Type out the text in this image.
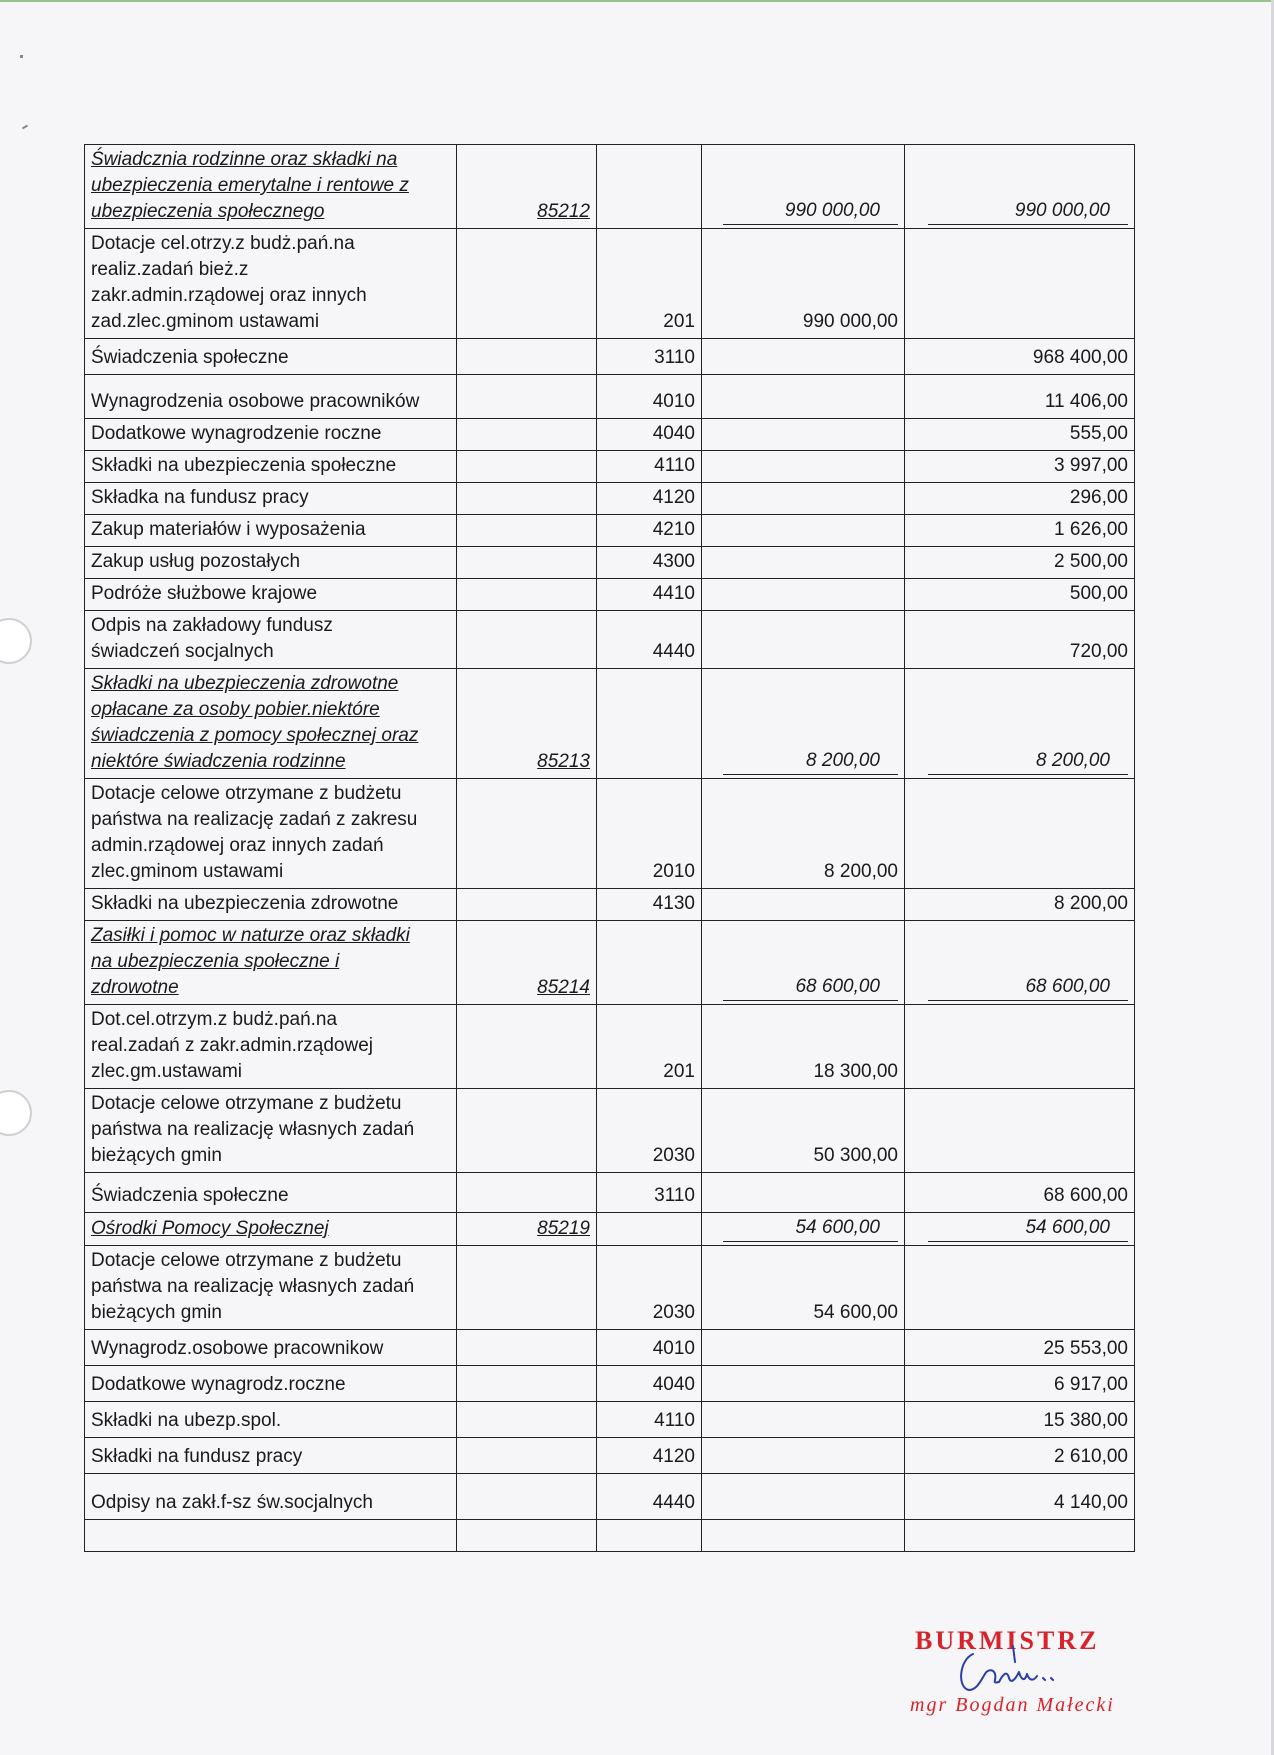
Świadcznia rodzinne oraz składki na
ubezpieczenia emerytalne i rentowe z
ubezpieczenia społecznego	85212		990 000,00	990 000,00
Dotacje cel.otrzy.z budż.pań.na
realiz.zadań bież.z
zakr.admin.rządowej oraz innych
zad.zlec.gminom ustawami		201	990 000,00	
Świadczenia społeczne		3110		968 400,00
Wynagrodzenia osobowe pracowników		4010		11 406,00
Dodatkowe wynagrodzenie roczne		4040		555,00
Składki na ubezpieczenia społeczne		4110		3 997,00
Składka na fundusz pracy		4120		296,00
Zakup materiałów i wyposażenia		4210		1 626,00
Zakup usług pozostałych		4300		2 500,00
Podróże służbowe krajowe		4410		500,00
Odpis na zakładowy fundusz
świadczeń socjalnych		4440		720,00
Składki na ubezpieczenia zdrowotne
opłacane za osoby pobier.niektóre
świadczenia z pomocy społecznej oraz
niektóre świadczenia rodzinne	85213		8 200,00	8 200,00
Dotacje celowe otrzymane z budżetu
państwa na realizację zadań z zakresu
admin.rządowej oraz innych zadań
zlec.gminom ustawami		2010	8 200,00	
Składki na ubezpieczenia zdrowotne		4130		8 200,00
Zasiłki i pomoc w naturze oraz składki
na ubezpieczenia społeczne i
zdrowotne	85214		68 600,00	68 600,00
Dot.cel.otrzym.z budż.pań.na
real.zadań z zakr.admin.rządowej
zlec.gm.ustawami		201	18 300,00	
Dotacje celowe otrzymane z budżetu
państwa na realizację własnych zadań
bieżących gmin		2030	50 300,00	
Świadczenia społeczne		3110		68 600,00
Ośrodki Pomocy Społecznej	85219		54 600,00	54 600,00
Dotacje celowe otrzymane z budżetu
państwa na realizację własnych zadań
bieżących gmin		2030	54 600,00	
Wynagrodz.osobowe pracownikow		4010		25 553,00
Dodatkowe wynagrodz.roczne		4040		6 917,00
Składki na ubezp.spol.		4110		15 380,00
Składki na fundusz pracy		4120		2 610,00
Odpisy na zakł.f-sz św.socjalnych		4440		4 140,00

BURMISTRZ
mgr Bogdan Małecki
